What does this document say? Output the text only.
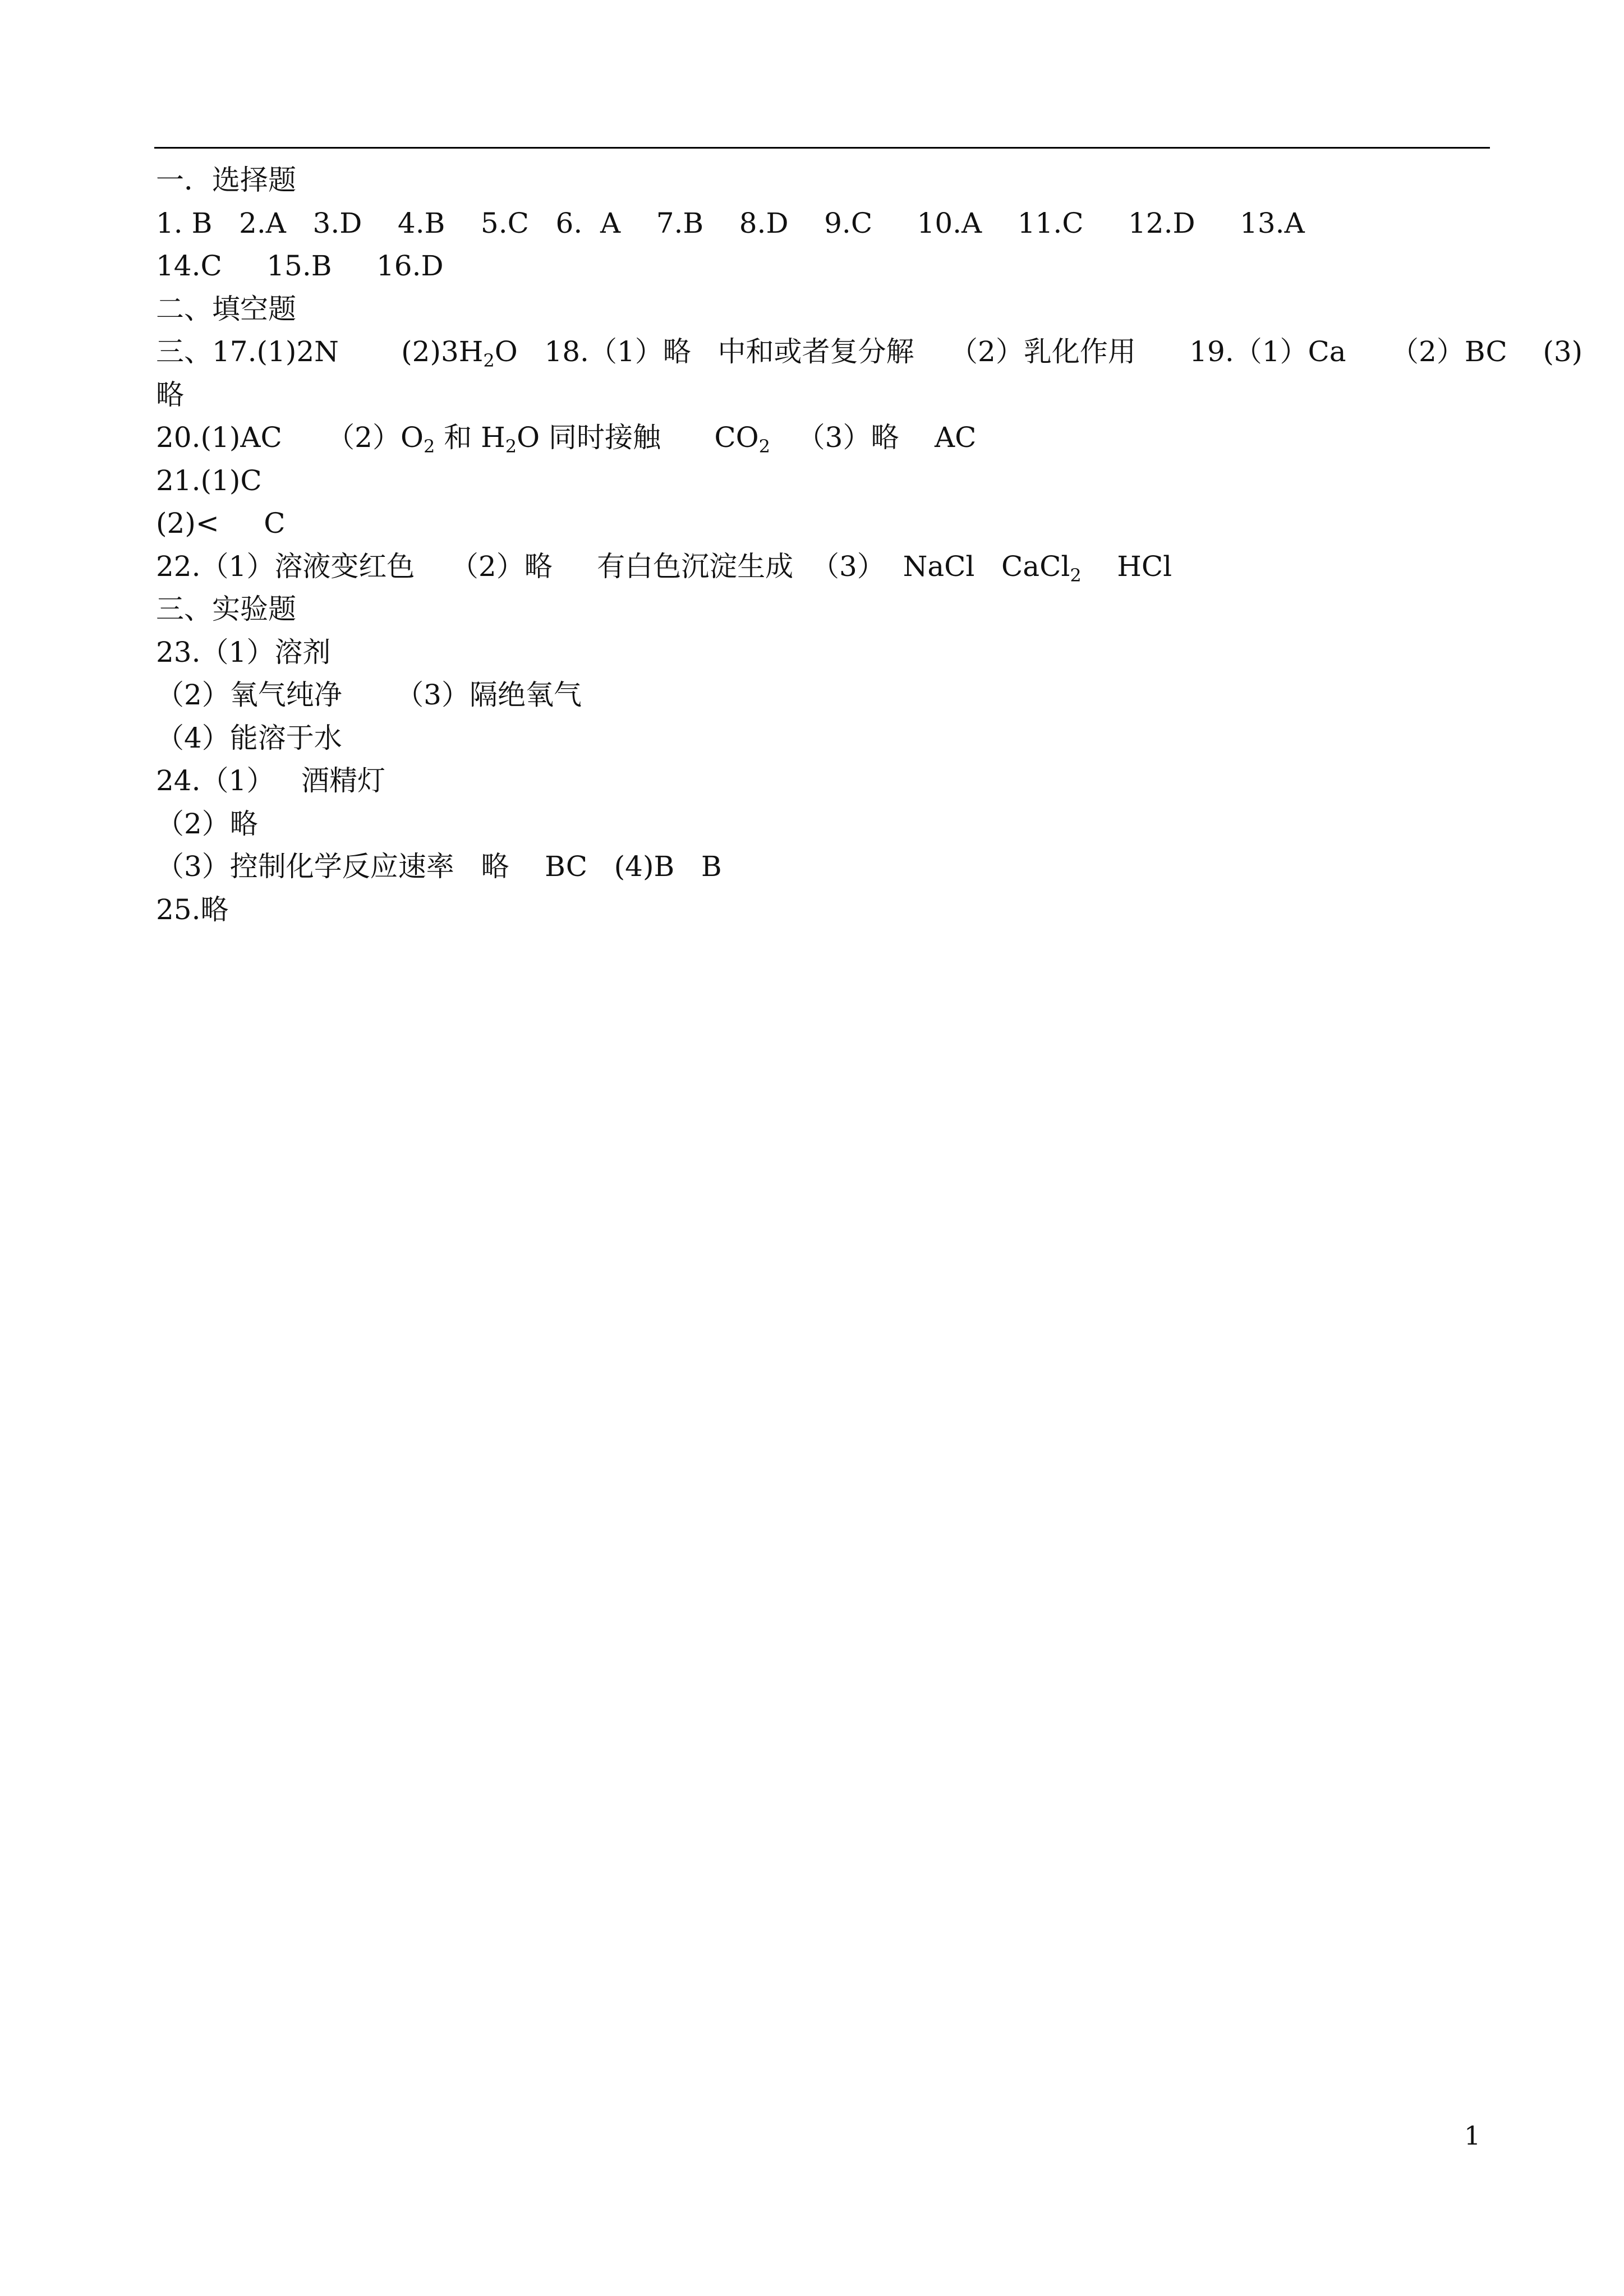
一．选择题
1. B   2.A   3.D    4.B    5.C   6.  A    7.B    8.D    9.C     10.A    11.C     12.D     13.A
14.C     15.B     16.D
二、填空题
三、17.(1)2N       $(2)3H_2O$   18.（1）略   中和或者复分解    （2）乳化作用      19.（1）Ca     （2）BC    (3)
略
20.(1)AC     $(2)O_2$ 和 $H_2O$ 同时接触      $CO_2$   （3）略    AC
21.(1)C
(2)<     C
22.（1）溶液变红色    （2）略     有白色沉淀生成  （3）  NaCl   CaCl$_2$    HCl
三、实验题
23.（1）溶剂
（2）氧气纯净      （3）隔绝氧气
（4）能溶于水
24.（1）   酒精灯
（2）略
（3）控制化学反应速率   略    BC   (4)B   B
25.略
1
